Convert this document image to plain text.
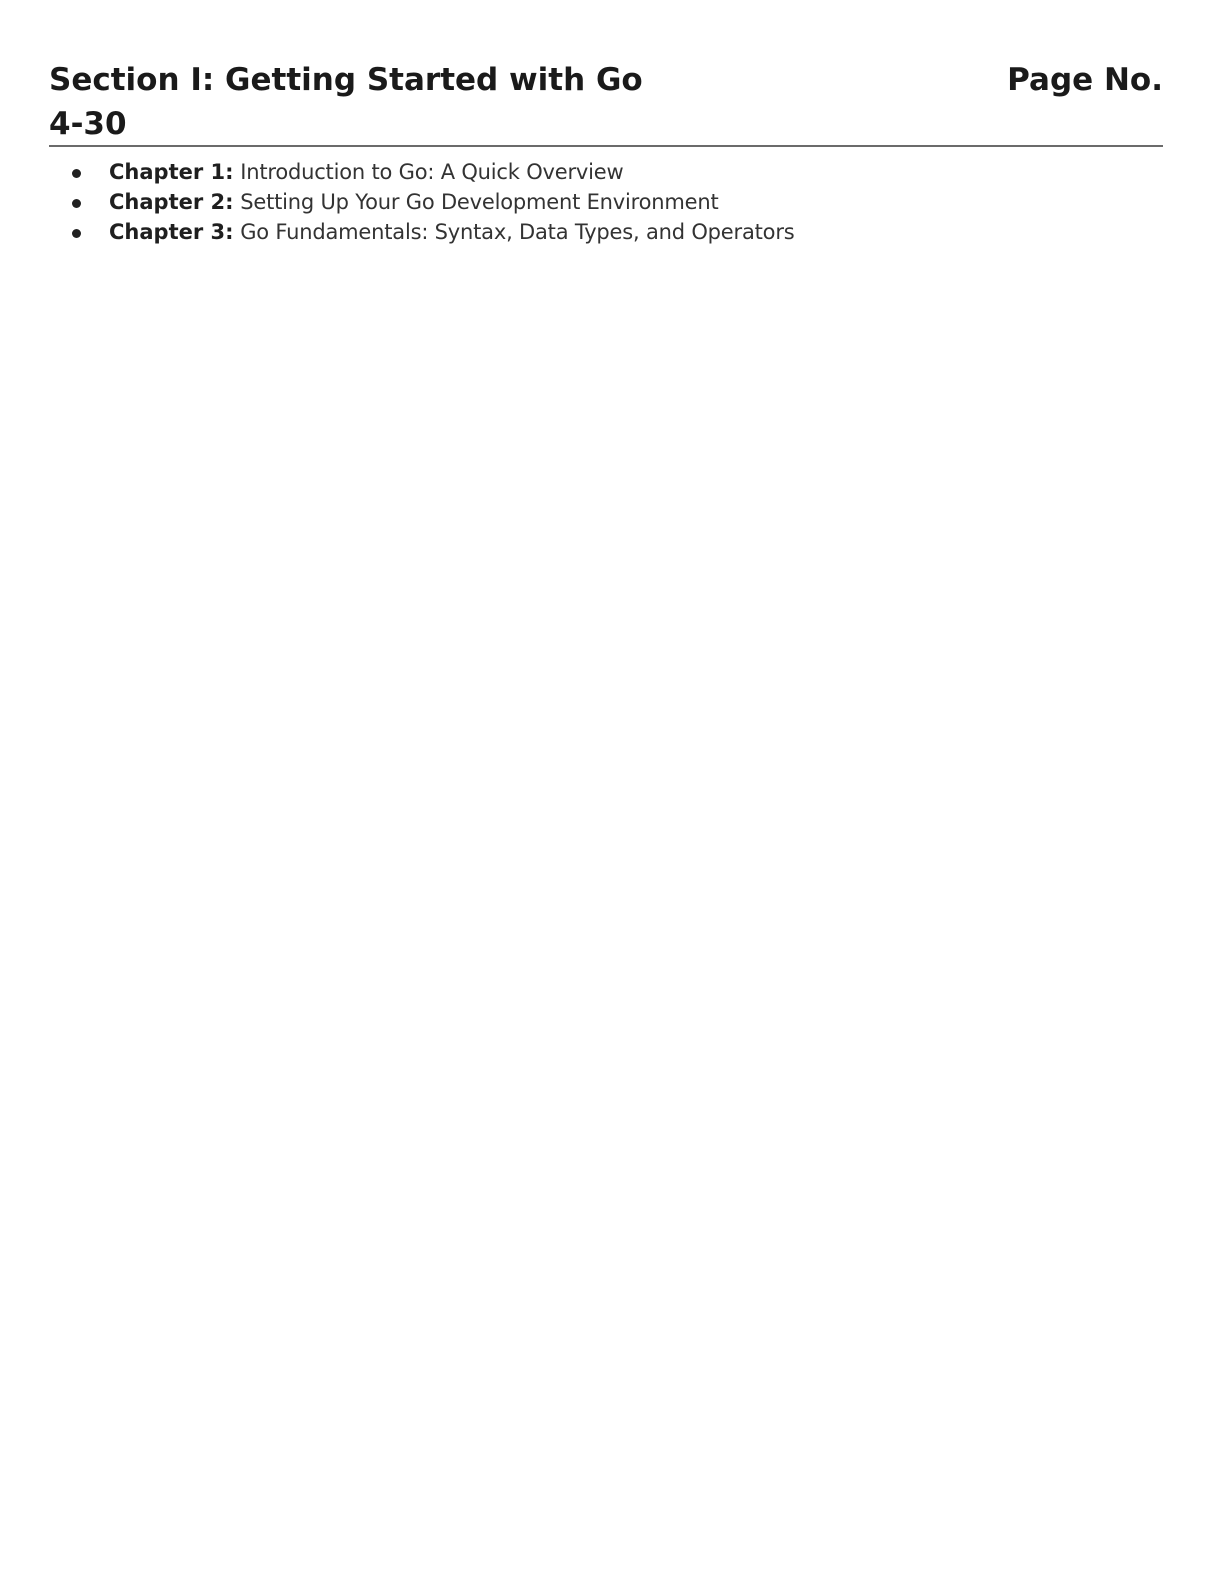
Section I: Getting Started with Go	Page No.
4-30
Chapter 1: Introduction to Go: A Quick Overview
Chapter 2: Setting Up Your Go Development Environment
Chapter 3: Go Fundamentals: Syntax, Data Types, and Operators
